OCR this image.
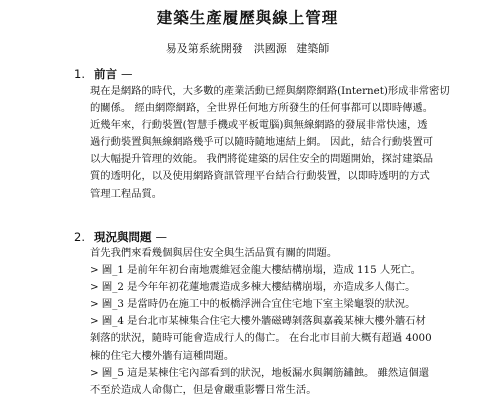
建築生產履歷與線上管理
易及第系統開發　洪國源 建築師
1. 前言 —
現在是網路的時代，大多數的產業活動已經與網際網路(Internet)形成非常密切
的關係。 經由網際網路，全世界任何地方所發生的任何事都可以即時傳遞。
近幾年來，行動裝置(智慧手機或平板電腦)與無線網路的發展非常快速，透
過行動裝置與無線網路幾乎可以隨時隨地連結上網。 因此，結合行動裝置可
以大幅提升管理的效能。 我們將從建築的居住安全的問題開始，探討建築品
質的透明化，以及使用網路資訊管理平台結合行動裝置，以即時透明的方式
管理工程品質。
2. 現況與問題 —
首先我們來看幾個與居住安全與生活品質有關的問題。
> 圖_1 是前年年初台南地震維冠金龍大樓結構崩塌，造成 115 人死亡。
> 圖_2 是今年年初花蓮地震造成多棟大樓結構崩塌，亦造成多人傷亡。
> 圖_3 是當時仍在施工中的板橋浮洲合宜住宅地下室主梁龜裂的狀況。
> 圖_4 是台北市某棟集合住宅大樓外牆磁磚剝落與嘉義某棟大樓外牆石材
剝落的狀況，隨時可能會造成行人的傷亡。 在台北市目前大概有超過 4000
棟的住宅大樓外牆有這種問題。
> 圖_5 這是某棟住宅內部看到的狀況，地板漏水與鋼筋鏽蝕。 雖然這個還
不至於造成人命傷亡，但是會嚴重影響日常生活。
